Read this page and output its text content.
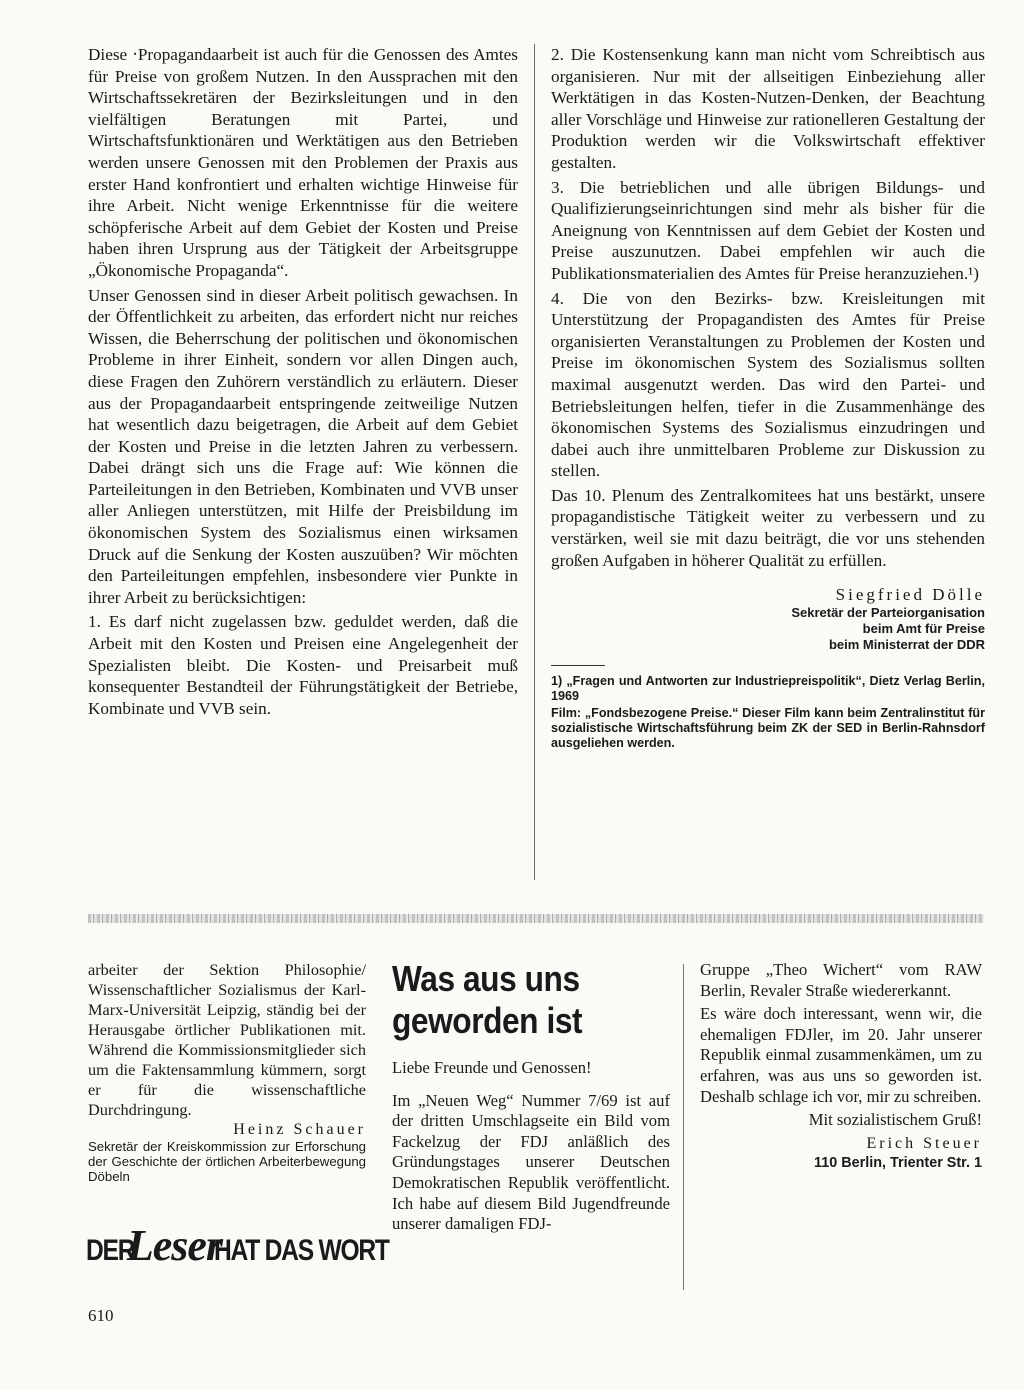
Diese ‧Propagandaarbeit ist auch für die Genossen des Amtes für Preise von großem Nutzen. In den Aussprachen mit den Wirtschaftssekretären der Bezirksleitungen und in den vielfältigen Beratungen mit Partei, und Wirtschaftsfunktionären und Werktätigen aus den Betrieben werden unsere Genossen mit den Problemen der Praxis aus erster Hand konfrontiert und erhalten wichtige Hinweise für ihre Arbeit. Nicht wenige Erkenntnisse für die weitere schöpferische Arbeit auf dem Gebiet der Kosten und Preise haben ihren Ursprung aus der Tätigkeit der Arbeitsgruppe „Ökonomische Propaganda“.

Unser Genossen sind in dieser Arbeit politisch gewachsen. In der Öffentlichkeit zu arbeiten, das erfordert nicht nur reiches Wissen, die Beherrschung der politischen und ökonomischen Probleme in ihrer Einheit, sondern vor allen Dingen auch, diese Fragen den Zuhörern verständlich zu erläutern. Dieser aus der Propagandaarbeit entspringende zeitweilige Nutzen hat wesentlich dazu beigetragen, die Arbeit auf dem Gebiet der Kosten und Preise in die letzten Jahren zu verbessern. Dabei drängt sich uns die Frage auf: Wie können die Parteileitungen in den Betrieben, Kombinaten und VVB unser aller Anliegen unterstützen, mit Hilfe der Preisbildung im ökonomischen System des Sozialismus einen wirksamen Druck auf die Senkung der Kosten auszuüben? Wir möchten den Parteileitungen empfehlen, insbesondere vier Punkte in ihrer Arbeit zu berücksichtigen:

1. Es darf nicht zugelassen bzw. geduldet werden, daß die Arbeit mit den Kosten und Preisen eine Angelegenheit der Spezialisten bleibt. Die Kosten- und Preisarbeit muß konsequenter Bestandteil der Führungstätigkeit der Betriebe, Kombinate und VVB sein.

2. Die Kostensenkung kann man nicht vom Schreibtisch aus organisieren. Nur mit der allseitigen Einbeziehung aller Werktätigen in das Kosten-Nutzen-Denken, der Beachtung aller Vorschläge und Hinweise zur rationelleren Gestaltung der Produktion werden wir die Volkswirtschaft effektiver gestalten.

3. Die betrieblichen und alle übrigen Bildungs- und Qualifizierungseinrichtungen sind mehr als bisher für die Aneignung von Kenntnissen auf dem Gebiet der Kosten und Preise auszunutzen. Dabei empfehlen wir auch die Publikationsmaterialien des Amtes für Preise heranzuziehen.¹)

4. Die von den Bezirks- bzw. Kreisleitungen mit Unterstützung der Propagandisten des Amtes für Preise organisierten Veranstaltungen zu Problemen der Kosten und Preise im ökonomischen System des Sozialismus sollten maximal ausgenutzt werden. Das wird den Partei- und Betriebsleitungen helfen, tiefer in die Zusammenhänge des ökonomischen Systems des Sozialismus einzudringen und dabei auch ihre unmittelbaren Probleme zur Diskussion zu stellen.

Das 10. Plenum des Zentralkomitees hat uns bestärkt, unsere propagandistische Tätigkeit weiter zu verbessern und zu verstärken, weil sie mit dazu beiträgt, die vor uns stehenden großen Aufgaben in höherer Qualität zu erfüllen.

Siegfried Dölle
Sekretär der Parteiorganisation
beim Amt für Preise
beim Ministerrat der DDR

1) „Fragen und Antworten zur Industriepreispolitik“, Dietz Verlag Berlin, 1969

Film: „Fondsbezogene Preise.“ Dieser Film kann beim Zentralinstitut für sozialistische Wirtschaftsführung beim ZK der SED in Berlin-Rahnsdorf ausgeliehen werden.

arbeiter der Sektion Philosophie/ Wissenschaftlicher Sozialismus der Karl-Marx-Universität Leipzig, ständig bei der Herausgabe örtlicher Publikationen mit. Während die Kommissionsmitglieder sich um die Faktensammlung kümmern, sorgt er für die wissenschaftliche Durchdringung.

Heinz Schauer
Sekretär der Kreiskommission zur Erforschung der Geschichte der örtlichen Arbeiterbewegung Döbeln
DER
Leser
HAT DAS WORT
Was aus uns
geworden ist

Liebe Freunde und Genossen!

Im „Neuen Weg“ Nummer 7/69 ist auf der dritten Umschlagseite ein Bild vom Fackelzug der FDJ anläßlich des Gründungstages unserer Deutschen Demokratischen Republik veröffentlicht. Ich habe auf diesem Bild Jugendfreunde unserer damaligen FDJ-

Gruppe „Theo Wichert“ vom RAW Berlin, Revaler Straße wiedererkannt.

Es wäre doch interessant, wenn wir, die ehemaligen FDJler, im 20. Jahr unserer Republik einmal zusammenkämen, um zu erfahren, was aus uns so geworden ist. Deshalb schlage ich vor, mir zu schreiben.

Mit sozialistischem Gruß!

Erich Steuer
110 Berlin, Trienter Str. 1
610
